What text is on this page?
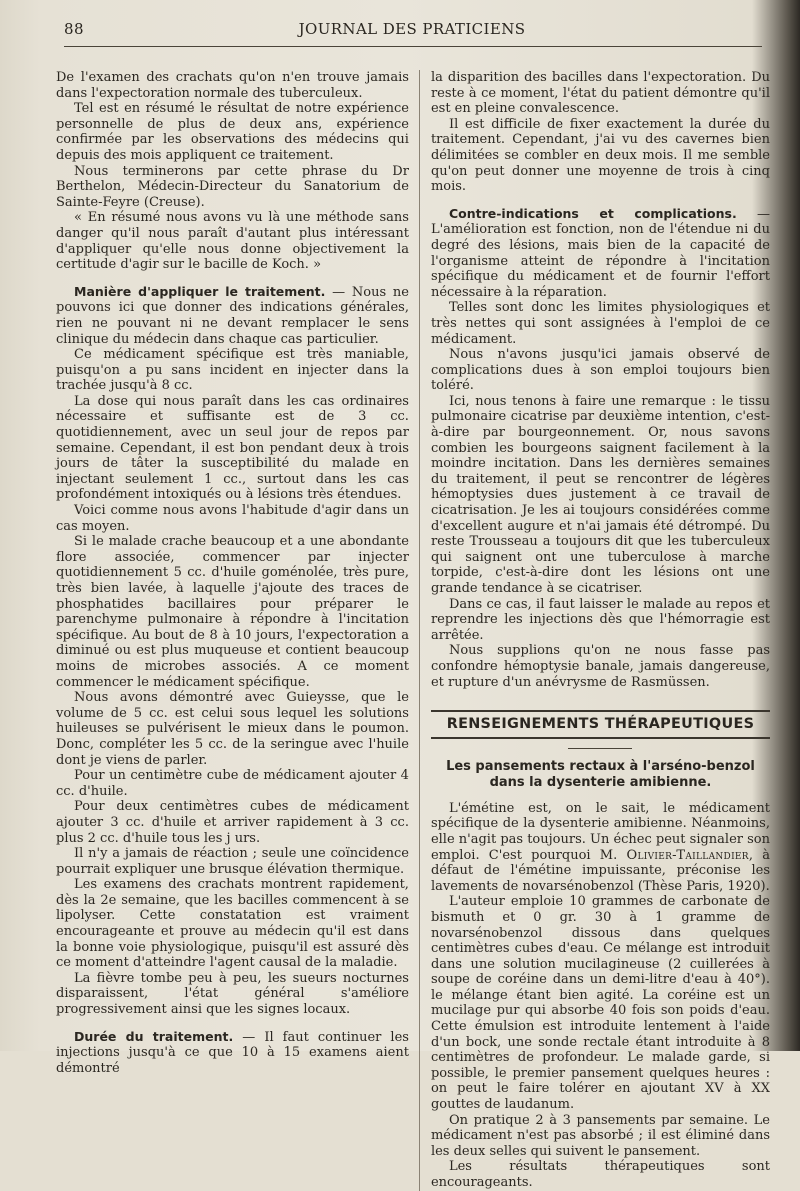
88	JOURNAL DES PRATICIENS

De l'examen des crachats qu'on n'en trouve jamais dans l'expectoration normale des tuberculeux.

Tel est en résumé le résultat de notre expérience personnelle de plus de deux ans, expérience confirmée par les observations des médecins qui depuis des mois appliquent ce traitement.

Nous terminerons par cette phrase du Dr Berthelon, Médecin-Directeur du Sanatorium de Sainte-Feyre (Creuse).

« En résumé nous avons vu là une méthode sans danger qu'il nous paraît d'autant plus intéressant d'appliquer qu'elle nous donne objectivement la certitude d'agir sur le bacille de Koch. »

Manière d'appliquer le traitement. — Nous ne pouvons ici que donner des indications générales, rien ne pouvant ni ne devant remplacer le sens clinique du médecin dans chaque cas particulier.

Ce médicament spécifique est très maniable, puisqu'on a pu sans incident en injecter dans la trachée jusqu'à 8 cc.

La dose qui nous paraît dans les cas ordinaires nécessaire et suffisante est de 3 cc. quotidiennement, avec un seul jour de repos par semaine. Cependant, il est bon pendant deux à trois jours de tâter la susceptibilité du malade en injectant seulement 1 cc., surtout dans les cas profondément intoxiqués ou à lésions très étendues.

Voici comme nous avons l'habitude d'agir dans un cas moyen.

Si le malade crache beaucoup et a une abondante flore associée, commencer par injecter quotidiennement 5 cc. d'huile goménolée, très pure, très bien lavée, à laquelle j'ajoute des traces de phosphatides bacillaires pour préparer le parenchyme pulmonaire à répondre à l'incitation spécifique. Au bout de 8 à 10 jours, l'expectoration a diminué ou est plus muqueuse et contient beaucoup moins de microbes associés. A ce moment commencer le médicament spécifique.

Nous avons démontré avec Guieysse, que le volume de 5 cc. est celui sous lequel les solutions huileuses se pulvérisent le mieux dans le poumon. Donc, compléter les 5 cc. de la seringue avec l'huile dont je viens de parler.

Pour un centimètre cube de médicament ajouter 4 cc. d'huile.

Pour deux centimètres cubes de médicament ajouter 3 cc. d'huile et arriver rapidement à 3 cc. plus 2 cc. d'huile tous les j urs.

Il n'y a jamais de réaction ; seule une coïncidence pourrait expliquer une brusque élévation thermique.

Les examens des crachats montrent rapidement, dès la 2e semaine, que les bacilles commencent à se lipolyser. Cette constatation est vraiment encourageante et prouve au médecin qu'il est dans la bonne voie physiologique, puisqu'il est assuré dès ce moment d'atteindre l'agent causal de la maladie.

La fièvre tombe peu à peu, les sueurs nocturnes disparaissent, l'état général s'améliore progressivement ainsi que les signes locaux.

Durée du traitement. — Il faut continuer les injections jusqu'à ce que 10 à 15 examens aient démontré

la disparition des bacilles dans l'expectoration. Du reste à ce moment, l'état du patient démontre qu'il est en pleine convalescence.

Il est difficile de fixer exactement la durée du traitement. Cependant, j'ai vu des cavernes bien délimitées se combler en deux mois. Il me semble qu'on peut donner une moyenne de trois à cinq mois.

Contre-indications et complications. — L'amélioration est fonction, non de l'étendue ni du degré des lésions, mais bien de la capacité de l'organisme atteint de répondre à l'incitation spécifique du médicament et de fournir l'effort nécessaire à la réparation.

Telles sont donc les limites physiologiques et très nettes qui sont assignées à l'emploi de ce médicament.

Nous n'avons jusqu'ici jamais observé de complications dues à son emploi toujours bien toléré.

Ici, nous tenons à faire une remarque : le tissu pulmonaire cicatrise par deuxième intention, c'est-à-dire par bourgeonnement. Or, nous savons combien les bourgeons saignent facilement à la moindre incitation. Dans les dernières semaines du traitement, il peut se rencontrer de légères hémoptysies dues justement à ce travail de cicatrisation. Je les ai toujours considérées comme d'excellent augure et n'ai jamais été détrompé. Du reste Trousseau a toujours dit que les tuberculeux qui saignent ont une tuberculose à marche torpide, c'est-à-dire dont les lésions ont une grande tendance à se cicatriser.

Dans ce cas, il faut laisser le malade au repos et reprendre les injections dès que l'hémorragie est arrêtée.

Nous supplions qu'on ne nous fasse pas confondre hémoptysie banale, jamais dangereuse, et rupture d'un anévrysme de Rasmüssen.

RENSEIGNEMENTS THÉRAPEUTIQUES
Les pansements rectaux à l'arséno-benzol
dans la dysenterie amibienne.

L'émétine est, on le sait, le médicament spécifique de la dysenterie amibienne. Néanmoins, elle n'agit pas toujours. Un échec peut signaler son emploi. C'est pourquoi M. Olivier-Taillandier, à défaut de l'émétine impuissante, préconise les lavements de novarsénobenzol (Thèse Paris, 1920).

L'auteur emploie 10 grammes de carbonate de bismuth et 0 gr. 30 à 1 gramme de novarsénobenzol dissous dans quelques centimètres cubes d'eau. Ce mélange est introduit dans une solution mucilagineuse (2 cuillerées à soupe de coréine dans un demi-litre d'eau à 40°). le mélange étant bien agité. La coréine est un mucilage pur qui absorbe 40 fois son poids d'eau. Cette émulsion est introduite lentement à l'aide d'un bock, une sonde rectale étant introduite à 8 centimètres de profondeur. Le malade garde, si possible, le premier pansement quelques heures : on peut le faire tolérer en ajoutant XV à XX gouttes de laudanum.

On pratique 2 à 3 pansements par semaine. Le médicament n'est pas absorbé ; il est éliminé dans les deux selles qui suivent le pansement.

Les résultats thérapeutiques sont encourageants.
